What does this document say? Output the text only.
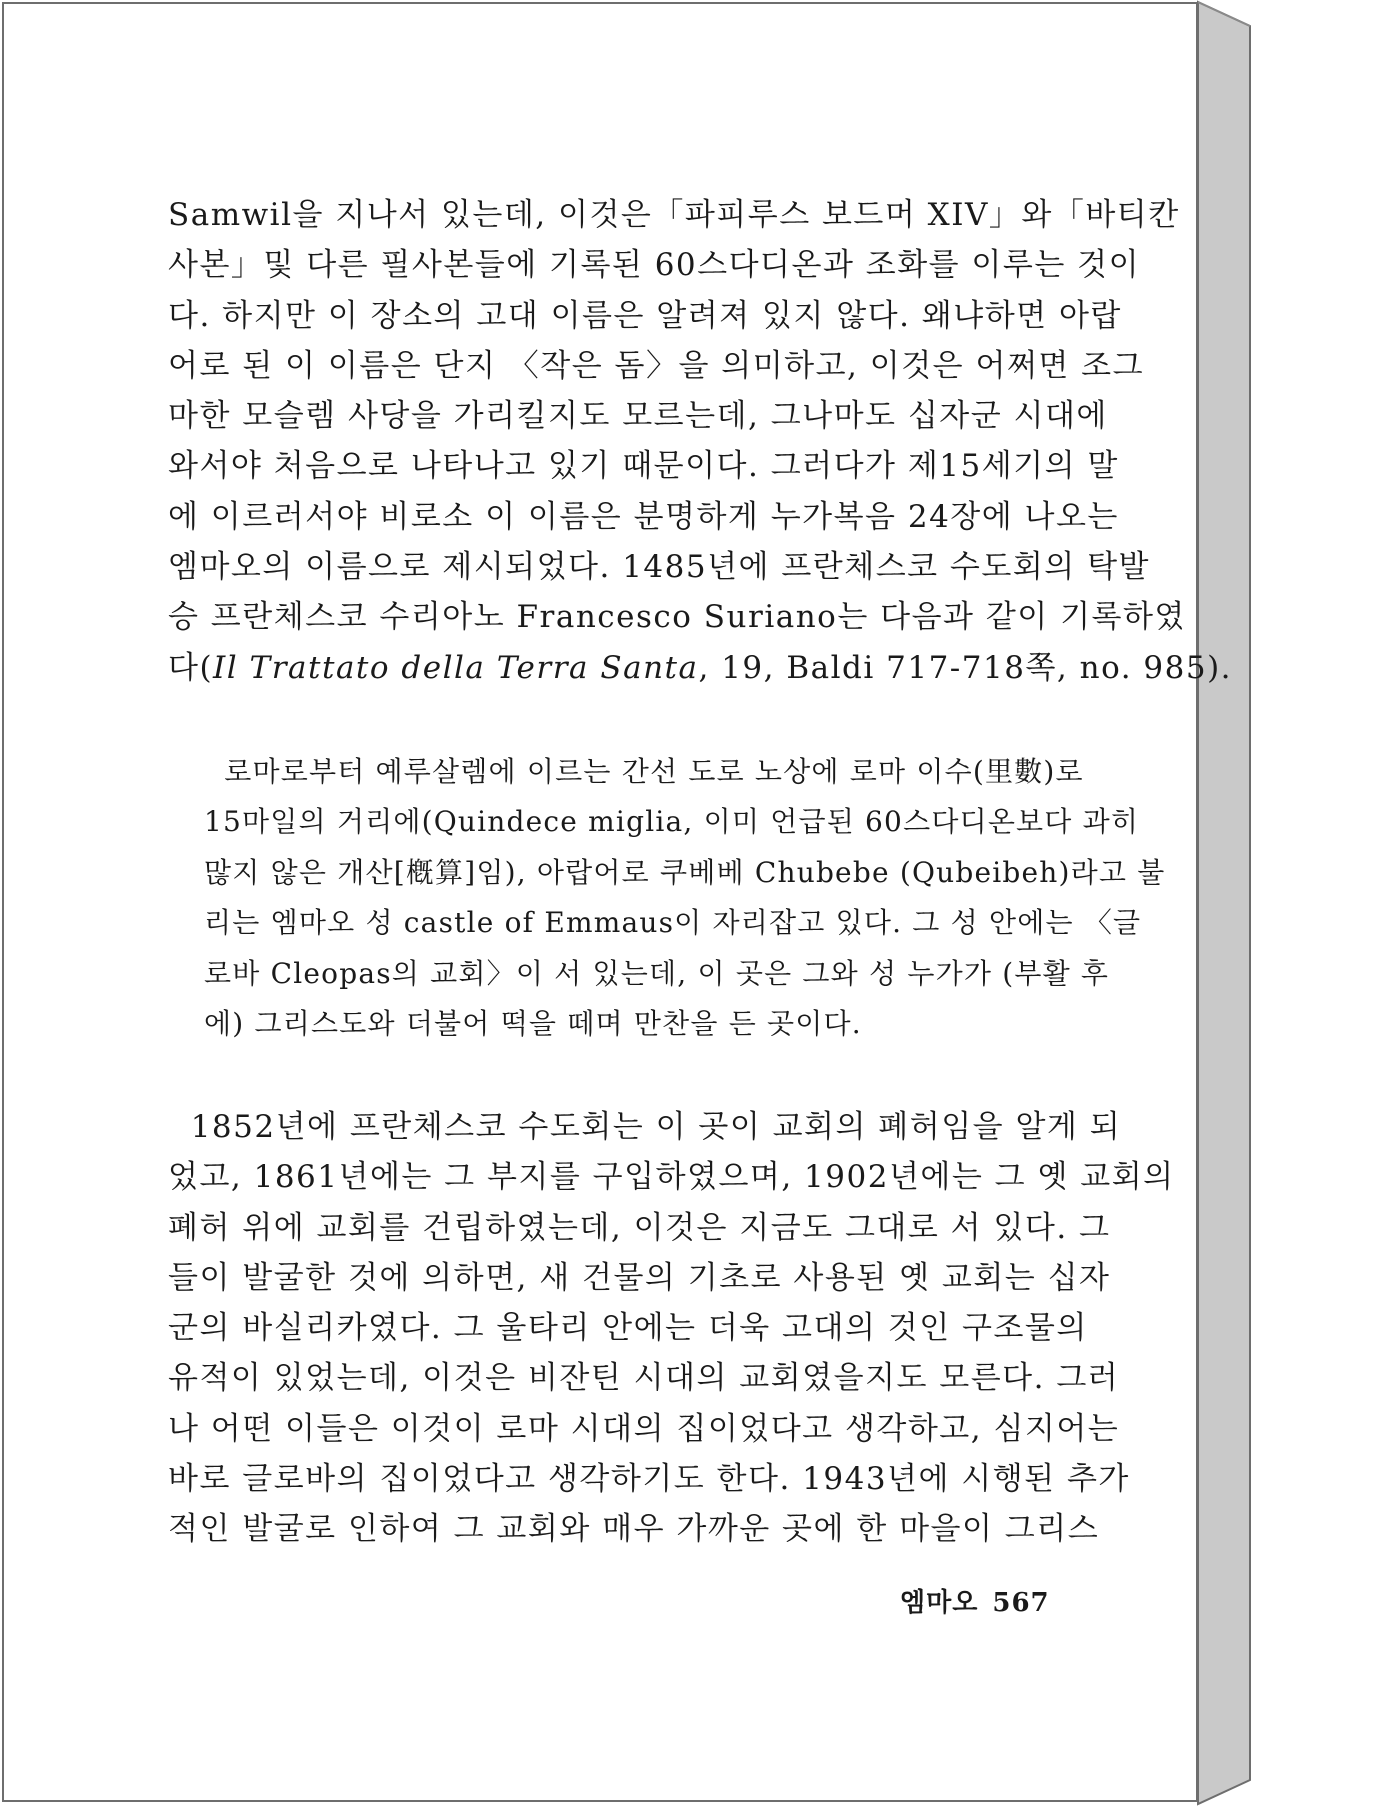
Samwil을 지나서 있는데, 이것은「파피루스 보드머 XIV」와「바티칸
사본」및 다른 필사본들에 기록된 60스다디온과 조화를 이루는 것이
다. 하지만 이 장소의 고대 이름은 알려져 있지 않다. 왜냐하면 아랍
어로 된 이 이름은 단지 〈작은 돔〉을 의미하고, 이것은 어쩌면 조그
마한 모슬렘 사당을 가리킬지도 모르는데, 그나마도 십자군 시대에
와서야 처음으로 나타나고 있기 때문이다. 그러다가 제15세기의 말
에 이르러서야 비로소 이 이름은 분명하게 누가복음 24장에 나오는
엠마오의 이름으로 제시되었다. 1485년에 프란체스코 수도회의 탁발
승 프란체스코 수리아노 Francesco Suriano는 다음과 같이 기록하였
다(Il Trattato della Terra Santa, 19, Baldi 717-718쪽, no. 985).
로마로부터 예루살렘에 이르는 간선 도로 노상에 로마 이수(里數)로
15마일의 거리에(Quindece miglia, 이미 언급된 60스다디온보다 과히
많지 않은 개산[槪算]임), 아랍어로 쿠베베 Chubebe (Qubeibeh)라고 불
리는 엠마오 성 castle of Emmaus이 자리잡고 있다. 그 성 안에는 〈글
로바 Cleopas의 교회〉이 서 있는데, 이 곳은 그와 성 누가가 (부활 후
에) 그리스도와 더불어 떡을 떼며 만찬을 든 곳이다.
1852년에 프란체스코 수도회는 이 곳이 교회의 폐허임을 알게 되
었고, 1861년에는 그 부지를 구입하였으며, 1902년에는 그 옛 교회의
폐허 위에 교회를 건립하였는데, 이것은 지금도 그대로 서 있다. 그
들이 발굴한 것에 의하면, 새 건물의 기초로 사용된 옛 교회는 십자
군의 바실리카였다. 그 울타리 안에는 더욱 고대의 것인 구조물의
유적이 있었는데, 이것은 비잔틴 시대의 교회였을지도 모른다. 그러
나 어떤 이들은 이것이 로마 시대의 집이었다고 생각하고, 심지어는
바로 글로바의 집이었다고 생각하기도 한다. 1943년에 시행된 추가
적인 발굴로 인하여 그 교회와 매우 가까운 곳에 한 마을이 그리스
엠마오 567
